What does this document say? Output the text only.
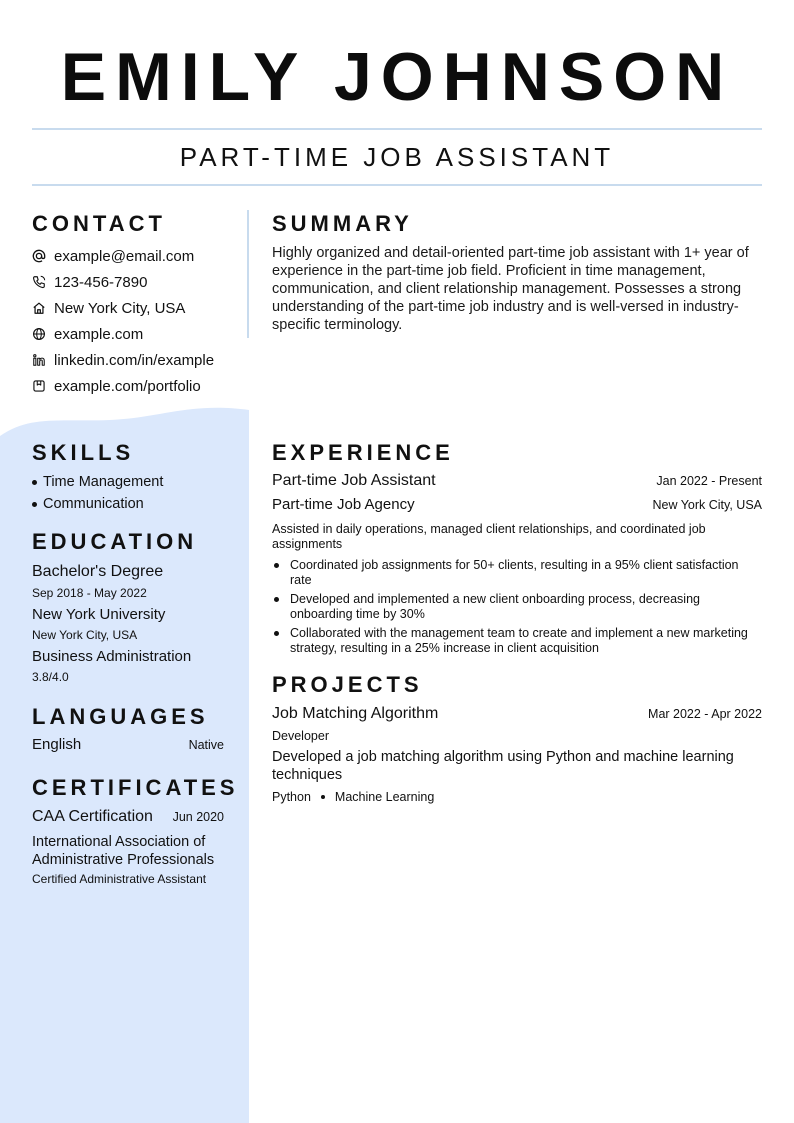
EMILY JOHNSON
PART-TIME JOB ASSISTANT
CONTACT
example@email.com
123-456-7890
New York City, USA
example.com
linkedin.com/in/example
example.com/portfolio
SUMMARY
Highly organized and detail-oriented part-time job assistant with 1+ year of experience in the part-time job field. Proficient in time management, communication, and client relationship management. Possesses a strong understanding of the part-time job industry and is well-versed in industry-specific terminology.
SKILLS
Time Management
Communication
EDUCATION
Bachelor's Degree
Sep 2018 - May 2022
New York University
New York City, USA
Business Administration
3.8/4.0
LANGUAGES
English	Native
CERTIFICATES
CAA Certification Jun 2020
International Association of Administrative Professionals
Certified Administrative Assistant
EXPERIENCE
Part-time Job Assistant	Jan 2022 - Present
Part-time Job Agency	New York City, USA
Assisted in daily operations, managed client relationships, and coordinated job assignments
Coordinated job assignments for 50+ clients, resulting in a 95% client satisfaction rate
Developed and implemented a new client onboarding process, decreasing onboarding time by 30%
Collaborated with the management team to create and implement a new marketing strategy, resulting in a 25% increase in client acquisition
PROJECTS
Job Matching Algorithm	Mar 2022 - Apr 2022
Developer
Developed a job matching algorithm using Python and machine learning techniques
Python Machine Learning
